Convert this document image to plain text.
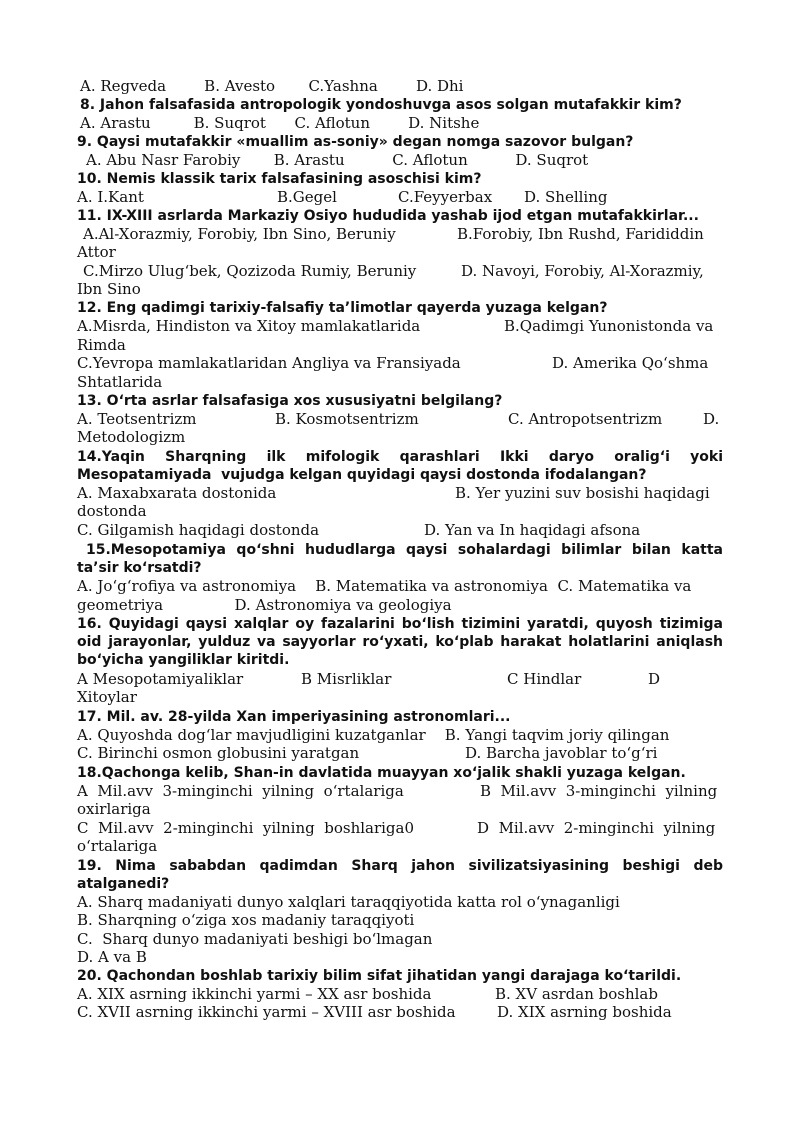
A. Regveda        B. Avesto       C.Yashna        D. Dhi
8. Jahon falsafasida antropologik yondoshuvga asos solgan mutafakkir kim?
A. Arastu         B. Suqrot      C. Aflotun        D. Nitshe
9. Qaysi mutafakkir «muallim as-soniy» degan nomga sazovor bulgan?
A. Abu Nasr Farobiy       B. Arastu          C. Aflotun          D. Suqrot
10. Nemis klassik tarix falsafasining asoschisi kim?

A. I.Kant

	B.Gegel

	C.Feyyerbax

D. Shelling

11. IX-XIII asrlarda Markaziy Osiyo hududida yashab ijod etgan mutafakkirlar...

A.Al-Xorazmiy, Forobiy, Ibn Sino, Beruniy

	B.Forobiy, Ibn Rushd, Farididdin

Attor

C.Mirzo Ulug‘bek, Qozizoda Rumiy, Beruniy

	D. Navoyi, Forobiy, Al-Xorazmiy,

Ibn Sino
12. Eng qadimgi tarixiy-falsafiy ta’limotlar qayerda yuzaga kelgan?

A.Misrda, Hindiston va Xitoy mamlakatlarida

	B.Qadimgi Yunonistonda va

Rimda

C.Yevropa mamlakatlaridan Angliya va Fransiyada

	D. Amerika Qo‘shma

Shtatlarida
13. O‘rta asrlar falsafasiga xos xususiyatni belgilang?

A. Teotsentrizm

	B. Kosmotsentrizm

	C. Antropotsentrizm

	D.

Metodologizm
14.Yaqin Sharqning ilk mifologik qarashlari Ikki daryo oralig‘i yoki
Mesopatamiyada  vujudga kelgan quyidagi qaysi dostonda ifodalangan?

A. Maxabxarata dostonida

	B. Yer yuzini suv bosishi haqidagi

dostonda

C. Gilgamish haqidagi dostonda

	D. Yan va In haqidagi afsona

15.Mesopotamiya qo‘shni hududlarga qaysi sohalardagi bilimlar bilan katta
ta’sir ko‘rsatdi?
A. Jo‘g‘rofiya va astronomiya    B. Matematika va astronomiya  C. Matematika va
geometriya               D. Astronomiya va geologiya
16. Quyidagi qaysi xalqlar oy fazalarini bo‘lish tizimini yaratdi, quyosh tizimiga
oid jarayonlar, yulduz va sayyorlar ro‘yxati, ko‘plab harakat holatlarini aniqlash
bo‘yicha yangiliklar kiritdi.

A Mesopotamiyaliklar

	B Misrliklar

	C Hindlar

	D

Xitoylar
17. Mil. av. 28-yilda Xan imperiyasining astronomlari...
A. Quyoshda dog‘lar mavjudligini kuzatganlar    B. Yangi taqvim joriy qilingan

C. Birinchi osmon globusini yaratgan

	D. Barcha javoblar to‘g‘ri

18.Qachonga kelib, Shan-in davlatida muayyan xo‘jalik shakli yuzaga kelgan.

A  Mil.avv  3-minginchi  yilning  o‘rtalariga

	B  Mil.avv  3-minginchi  yilning

oxirlariga

C  Mil.avv  2-minginchi  yilning  boshlariga0

	D  Mil.avv  2-minginchi  yilning

o‘rtalariga
19. Nima sababdan qadimdan Sharq jahon sivilizatsiyasining beshigi deb
atalganedi?
A. Sharq madaniyati dunyo xalqlari taraqqiyotida katta rol o‘ynaganligi
B. Sharqning o‘ziga xos madaniy taraqqiyoti
C.  Sharq dunyo madaniyati beshigi bo‘lmagan
D. A va B
20. Qachondan boshlab tarixiy bilim sifat jihatidan yangi darajaga ko‘tarildi.

A. XIX asrning ikkinchi yarmi – XX asr boshida

	B. XV asrdan boshlab

C. XVII asrning ikkinchi yarmi – XVIII asr boshida

	D. XIX asrning boshida
